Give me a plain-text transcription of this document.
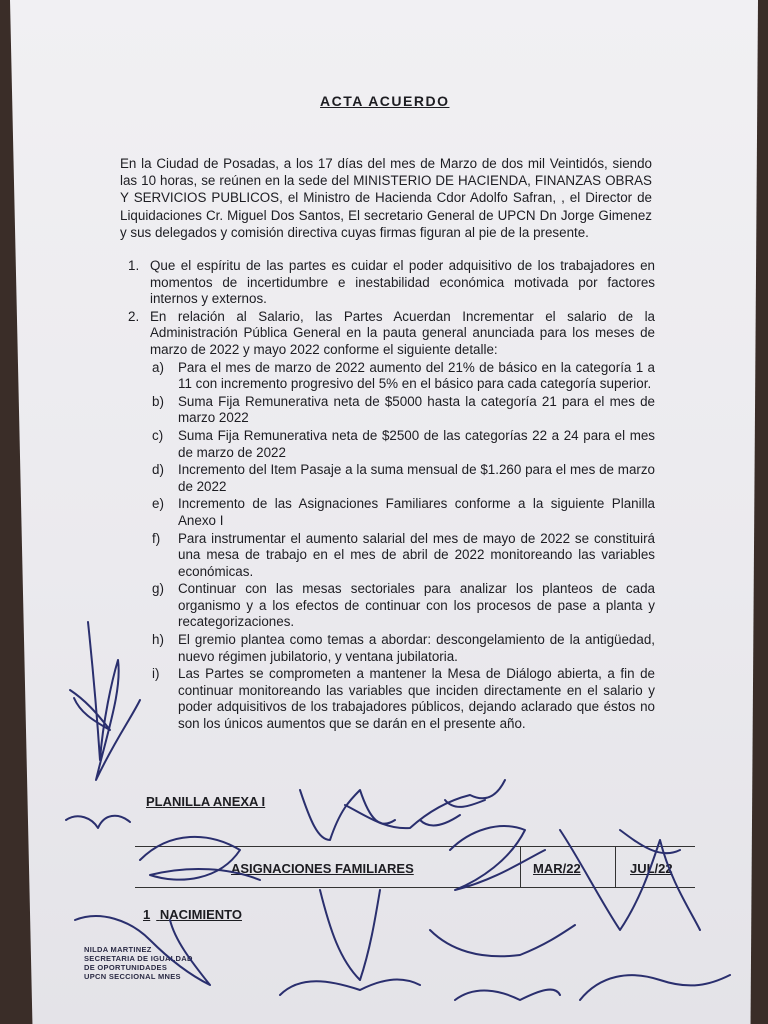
ACTA ACUERDO
En la Ciudad de Posadas, a los 17 días del mes de Marzo de dos mil Veintidós, siendo las 10 horas, se reúnen en la sede del MINISTERIO DE HACIENDA, FINANZAS OBRAS Y SERVICIOS PUBLICOS, el Ministro de Hacienda Cdor Adolfo Safran, , el Director de Liquidaciones Cr. Miguel Dos Santos, El secretario General de UPCN Dn Jorge Gimenez y sus delegados y comisión directiva cuyas firmas figuran al pie de la presente.
1. Que el espíritu de las partes es cuidar el poder adquisitivo de los trabajadores en momentos de incertidumbre e inestabilidad económica motivada por factores internos y externos.
2. En relación al Salario, las Partes Acuerdan Incrementar el salario de la Administración Pública General en la pauta general anunciada para los meses de marzo de 2022 y mayo 2022 conforme el siguiente detalle:
a) Para el mes de marzo de 2022 aumento del 21% de básico en la categoría 1 a 11 con incremento progresivo del 5% en el básico para cada categoría superior.
b) Suma Fija Remunerativa neta de $5000 hasta la categoría 21 para el mes de marzo 2022
c) Suma Fija Remunerativa neta de $2500 de las categorías 22 a 24 para el mes de marzo de 2022
d) Incremento del Item Pasaje a la suma mensual de $1.260 para el mes de marzo de 2022
e) Incremento de las Asignaciones Familiares conforme a la siguiente Planilla Anexo I
f) Para instrumentar el aumento salarial del mes de mayo de 2022 se constituirá una mesa de trabajo en el mes de abril de 2022 monitoreando las variables económicas.
g) Continuar con las mesas sectoriales para analizar los planteos de cada organismo y a los efectos de continuar con los procesos de pase a planta y recategorizaciones.
h) El gremio plantea como temas a abordar: descongelamiento de la antigüedad, nuevo régimen jubilatorio, y ventana jubilatoria.
i) Las Partes se comprometen a mantener la Mesa de Diálogo abierta, a fin de continuar monitoreando las variables que inciden directamente en el salario y poder adquisitivos de los trabajadores públicos, dejando aclarado que éstos no son los únicos aumentos que se darán en el presente año.
PLANILLA ANEXA I
ASIGNACIONES FAMILIARES	MAR/22	JUL/22
1 NACIMIENTO
NILDA MARTINEZ
SECRETARIA DE IGUALDAD
DE OPORTUNIDADES
UPCN SECCIONAL MNES
